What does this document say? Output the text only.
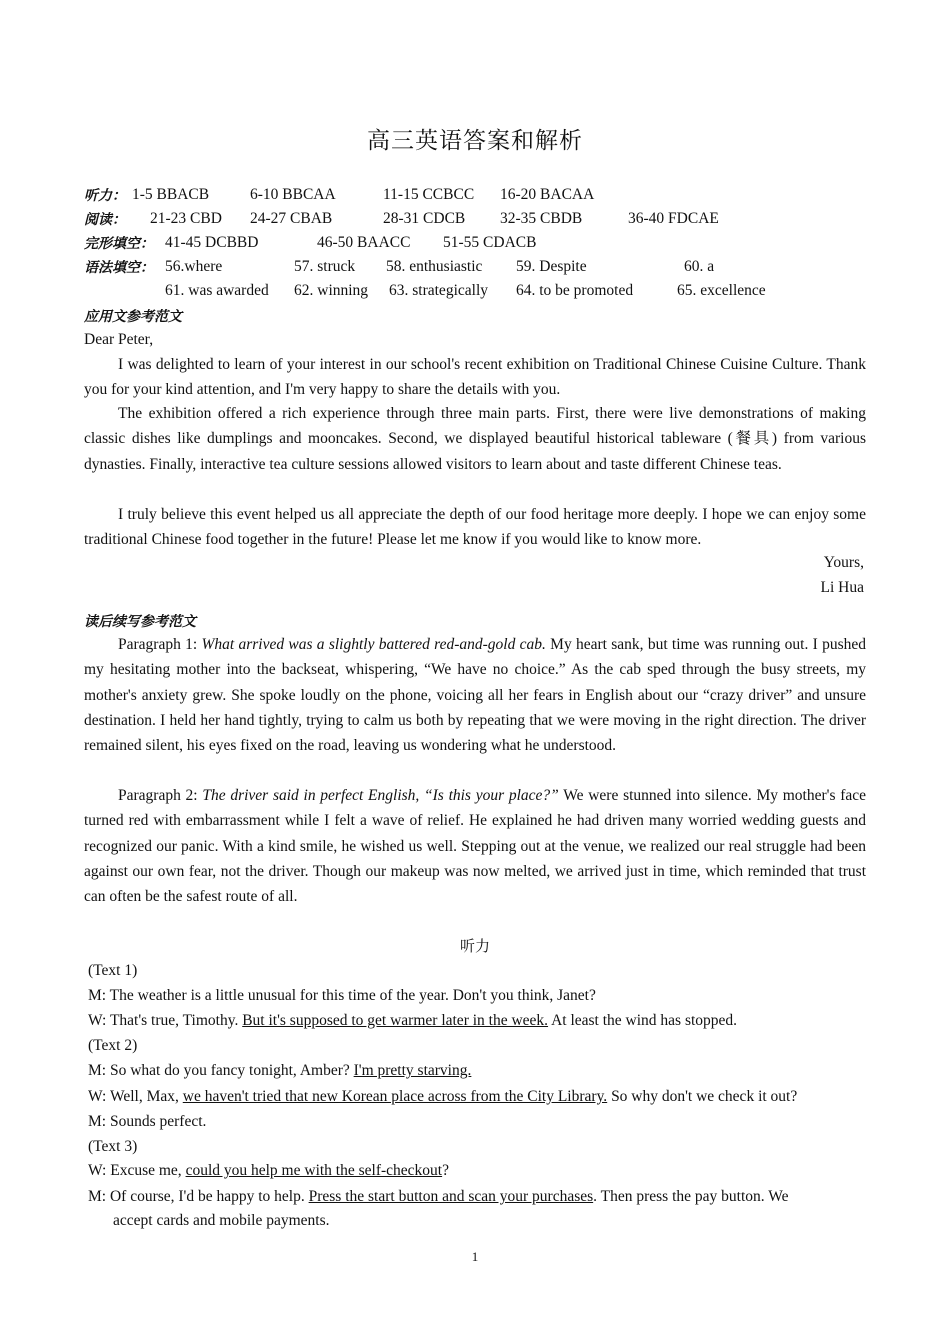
高三英语答案和解析
听力： 1-5 BBACB	6-10 BBCAA	11-15 CCBCC 16-20 BACAA
阅读： 21-23 CBD 24-27 CBAB	28-31 CDCB 32-35 CBDB	36-40 FDCAE
完形填空： 41-45 DCBBD	46-50 BAACC 51-55 CDACB
语法填空： 56.where	57. struck 58. enthusiastic 59. Despite	60. a
61. was awarded 62. winning 63. strategically 64. to be promoted	65. excellence
应用文参考范文
Dear Peter,
I was delighted to learn of your interest in our school's recent exhibition on Traditional Chinese Cuisine Culture. Thank you for your kind attention, and I'm very happy to share the details with you.
The exhibition offered a rich experience through three main parts. First, there were live demonstrations of making classic dishes like dumplings and mooncakes. Second, we displayed beautiful historical tableware (餐具) from various dynasties. Finally, interactive tea culture sessions allowed visitors to learn about and taste different Chinese teas.
I truly believe this event helped us all appreciate the depth of our food heritage more deeply. I hope we can enjoy some traditional Chinese food together in the future! Please let me know if you would like to know more.
Yours,
Li Hua
读后续写参考范文
Paragraph 1: What arrived was a slightly battered red-and-gold cab. My heart sank, but time was running out. I pushed my hesitating mother into the backseat, whispering, “We have no choice.” As the cab sped through the busy streets, my mother's anxiety grew. She spoke loudly on the phone, voicing all her fears in English about our “crazy driver” and unsure destination. I held her hand tightly, trying to calm us both by repeating that we were moving in the right direction. The driver remained silent, his eyes fixed on the road, leaving us wondering what he understood.
Paragraph 2: The driver said in perfect English, “Is this your place?” We were stunned into silence. My mother's face turned red with embarrassment while I felt a wave of relief. He explained he had driven many worried wedding guests and recognized our panic. With a kind smile, he wished us well. Stepping out at the venue, we realized our real struggle had been against our own fear, not the driver. Though our makeup was now melted, we arrived just in time, which reminded that trust can often be the safest route of all.
听力
(Text 1)
M: The weather is a little unusual for this time of the year. Don't you think, Janet?
W: That's true, Timothy. But it's supposed to get warmer later in the week. At least the wind has stopped.
(Text 2)
M: So what do you fancy tonight, Amber? I'm pretty starving.
W: Well, Max, we haven't tried that new Korean place across from the City Library. So why don't we check it out?
M: Sounds perfect.
(Text 3)
W: Excuse me, could you help me with the self-checkout?
M: Of course, I'd be happy to help. Press the start button and scan your purchases. Then press the pay button. We
accept cards and mobile payments.
1
